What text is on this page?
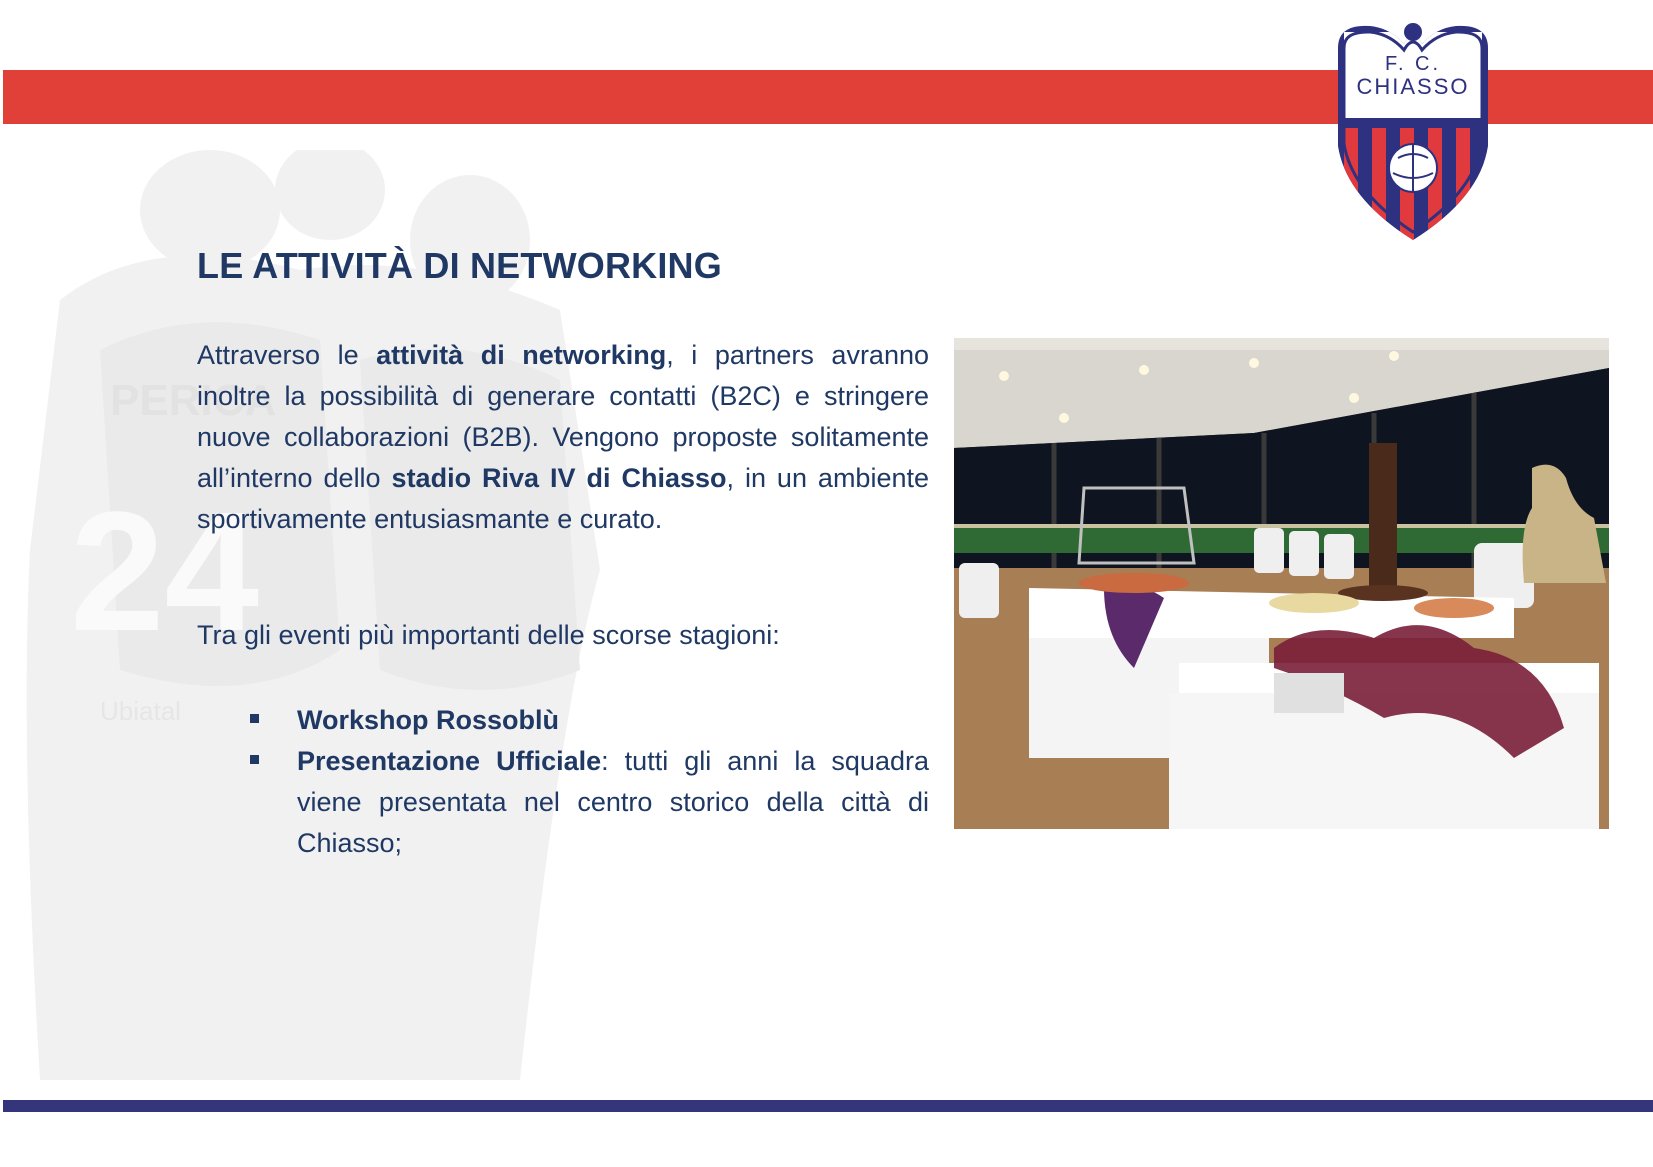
PERICA
24
Ubiatal
F. C.
CHIASSO
LE ATTIVITÀ DI NETWORKING

Attraverso le attività di networking, i partners avranno inoltre la possibilità di generare contatti (B2C) e stringere nuove collaborazioni (B2B). Vengono proposte solitamente all’interno dello stadio Riva IV di Chiasso, in un ambiente sportivamente entusiasmante e curato.

Tra gli eventi più importanti delle scorse stagioni:

Workshop Rossoblù
Presentazione Ufficiale: tutti gli anni la squadra viene presentata nel centro storico della città di Chiasso;
